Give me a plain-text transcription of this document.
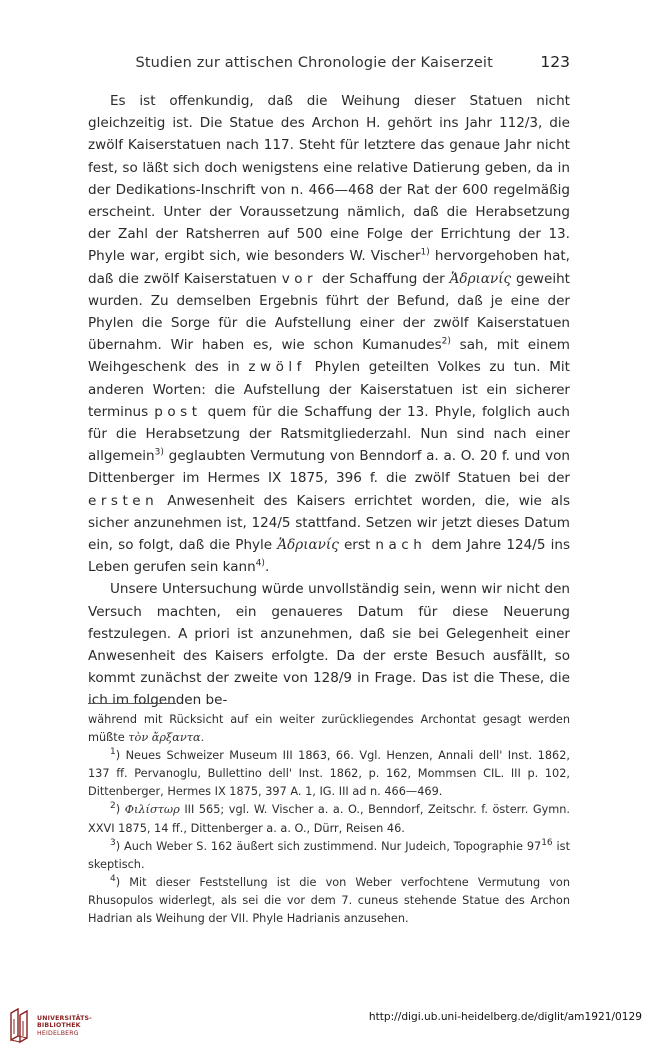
Studien zur attischen Chronologie der Kaiserzeit	123

Es ist offenkundig, daß die Weihung dieser Statuen nicht gleichzeitig ist. Die Statue des Archon H. gehört ins Jahr 112/3, die zwölf Kaiserstatuen nach 117. Steht für letztere das genaue Jahr nicht fest, so läßt sich doch wenigstens eine relative Datierung geben, da in der Dedikations-Inschrift von n. 466—468 der Rat der 600 regelmäßig erscheint. Unter der Voraussetzung nämlich, daß die Herabsetzung der Zahl der Ratsherren auf 500 eine Folge der Errichtung der 13. Phyle war, ergibt sich, wie besonders W. Vischer$^{1)}$ hervorgehoben hat, daß die zwölf Kaiserstatuen vor der Schaffung der Ἁδριανίς geweiht wurden. Zu demselben Ergebnis führt der Befund, daß je eine der Phylen die Sorge für die Aufstellung einer der zwölf Kaiserstatuen übernahm. Wir haben es, wie schon Kumanudes$^{2)}$ sah, mit einem Weihgeschenk des in zwölf Phylen geteilten Volkes zu tun. Mit anderen Worten: die Aufstellung der Kaiserstatuen ist ein sicherer terminus post quem für die Schaffung der 13. Phyle, folglich auch für die Herabsetzung der Ratsmitgliederzahl. Nun sind nach einer allgemein$^{3)}$ geglaubten Vermutung von Benndorf a. a. O. 20 f. und von Dittenberger im Hermes IX 1875, 396 f. die zwölf Statuen bei der ersten Anwesenheit des Kaisers errichtet worden, die, wie als sicher anzunehmen ist, 124/5 stattfand. Setzen wir jetzt dieses Datum ein, so folgt, daß die Phyle Ἁδριανίς erst nach dem Jahre 124/5 ins Leben gerufen sein kann$^{4)}$.

Unsere Untersuchung würde unvollständig sein, wenn wir nicht den Versuch machten, ein genaueres Datum für diese Neuerung festzulegen. A priori ist anzunehmen, daß sie bei Gelegenheit einer Anwesenheit des Kaisers erfolgte. Da der erste Besuch ausfällt, so kommt zunächst der zweite von 128/9 in Frage. Das ist die These, die ich im folgenden be-

während mit Rücksicht auf ein weiter zurückliegendes Archontat gesagt werden müßte τὸν ἄρξαντα.

$^1$) Neues Schweizer Museum III 1863, 66. Vgl. Henzen, Annali dell' Inst. 1862, 137 ff. Pervanoglu, Bullettino dell' Inst. 1862, p. 162, Mommsen CIL. III p. 102, Dittenberger, Hermes IX 1875, 397 A. 1, IG. III ad n. 466—469.

$^2$) Φιλίστωρ III 565; vgl. W. Vischer a. a. O., Benndorf, Zeitschr. f. österr. Gymn. XXVI 1875, 14 ff., Dittenberger a. a. O., Dürr, Reisen 46.

$^3$) Auch Weber S. 162 äußert sich zustimmend. Nur Judeich, Topographie $97^{16}$ ist skeptisch.

$^4$) Mit dieser Feststellung ist die von Weber verfochtene Vermutung von Rhusopulos widerlegt, als sei die vor dem 7. cuneus stehende Statue des Archon Hadrian als Weihung der VII. Phyle Hadrianis anzusehen.

UNIVERSITÄTS-
BIBLIOTHEK
HEIDELBERG
http://digi.ub.uni-heidelberg.de/diglit/am1921/0129
